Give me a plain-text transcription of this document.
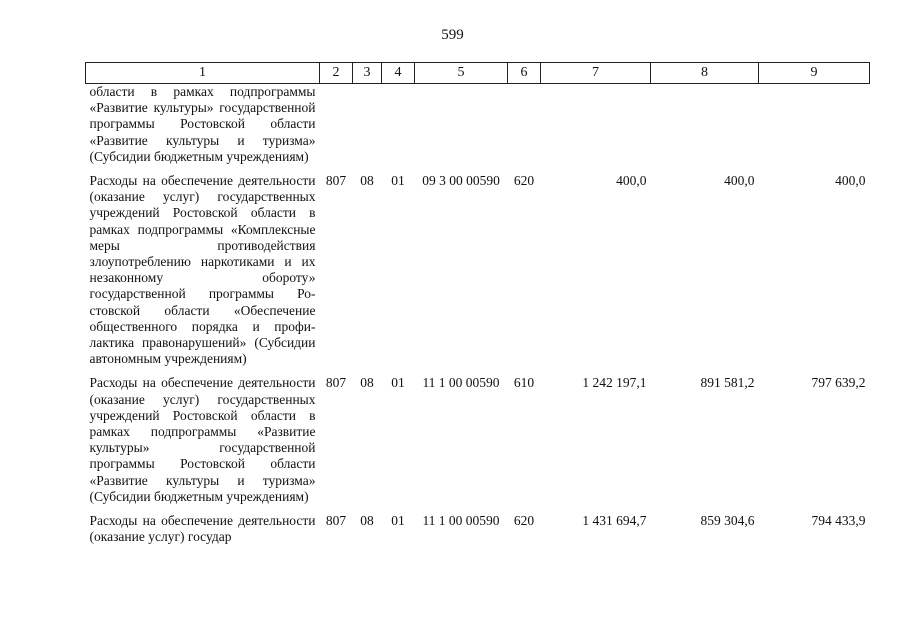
599
1	2	3	4	5	6	7	8	9
области в рамках подпрограммы «Развитие культуры» государственной программы Ростовской области «Развитие культуры и туризма» (Субсидии бюджетным учреждениям)								
Расходы на обеспечение деятельности (оказание услуг) государственных учреждений Ростовской области в рамках подпрограммы «Комплексные меры противодействия злоупотреблению наркотиками и их незаконному обороту» государственной программы Ростовской области «Обеспечение общественного порядка и профилактика правонарушений» (Субсидии автономным учреждениям)	807	08	01	09 3 00 00590	620	400,0	400,0	400,0
Расходы на обеспечение деятельности (оказание услуг) государственных учреждений Ростовской области в рамках подпрограммы «Развитие культуры» государственной программы Ростовской области «Развитие культуры и туризма» (Субсидии бюджетным учреждениям)	807	08	01	11 1 00 00590	610	1 242 197,1	891 581,2	797 639,2
Расходы на обеспечение деятельности (оказание услуг) государ	807	08	01	11 1 00 00590	620	1 431 694,7	859 304,6	794 433,9
